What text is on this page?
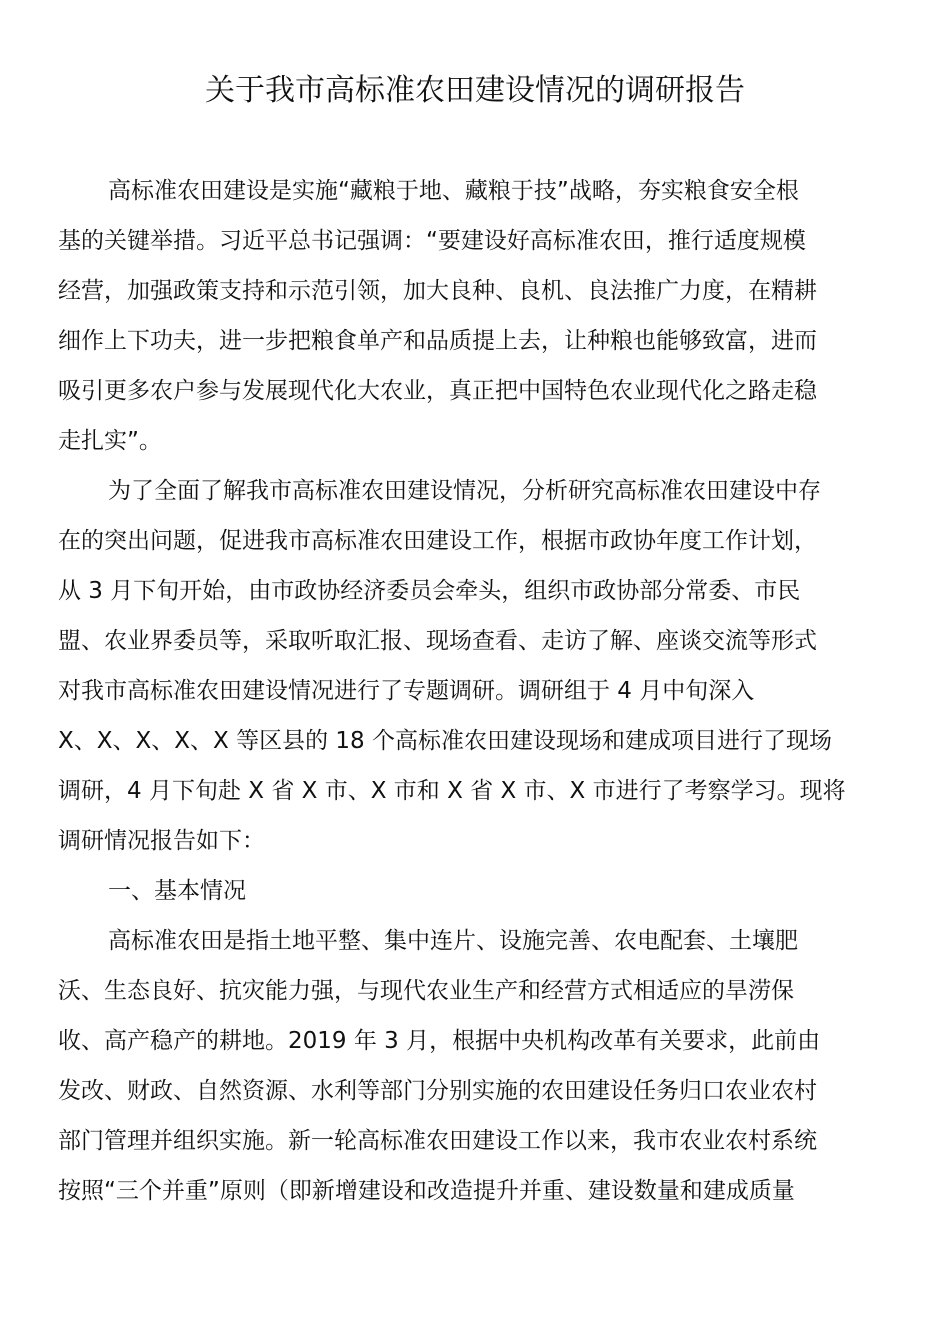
关于我市高标准农田建设情况的调研报告

高标准农田建设是实施“藏粮于地、藏粮于技”战略，夯实粮食安全根

基的关键举措。习近平总书记强调：“要建设好高标准农田，推行适度规模

经营，加强政策支持和示范引领，加大良种、良机、良法推广力度，在精耕

细作上下功夫，进一步把粮食单产和品质提上去，让种粮也能够致富，进而

吸引更多农户参与发展现代化大农业，真正把中国特色农业现代化之路走稳

走扎实”。

为了全面了解我市高标准农田建设情况，分析研究高标准农田建设中存

在的突出问题，促进我市高标准农田建设工作，根据市政协年度工作计划，

从 3 月下旬开始，由市政协经济委员会牵头，组织市政协部分常委、市民

盟、农业界委员等，采取听取汇报、现场查看、走访了解、座谈交流等形式

对我市高标准农田建设情况进行了专题调研。调研组于 4 月中旬深入

X、X、X、X、X 等区县的 18 个高标准农田建设现场和建成项目进行了现场

调研，4 月下旬赴 X 省 X 市、X 市和 X 省 X 市、X 市进行了考察学习。现将

调研情况报告如下：

一、基本情况

高标准农田是指土地平整、集中连片、设施完善、农电配套、土壤肥

沃、生态良好、抗灾能力强，与现代农业生产和经营方式相适应的旱涝保

收、高产稳产的耕地。2019 年 3 月，根据中央机构改革有关要求，此前由

发改、财政、自然资源、水利等部门分别实施的农田建设任务归口农业农村

部门管理并组织实施。新一轮高标准农田建设工作以来，我市农业农村系统

按照“三个并重”原则（即新增建设和改造提升并重、建设数量和建成质量
